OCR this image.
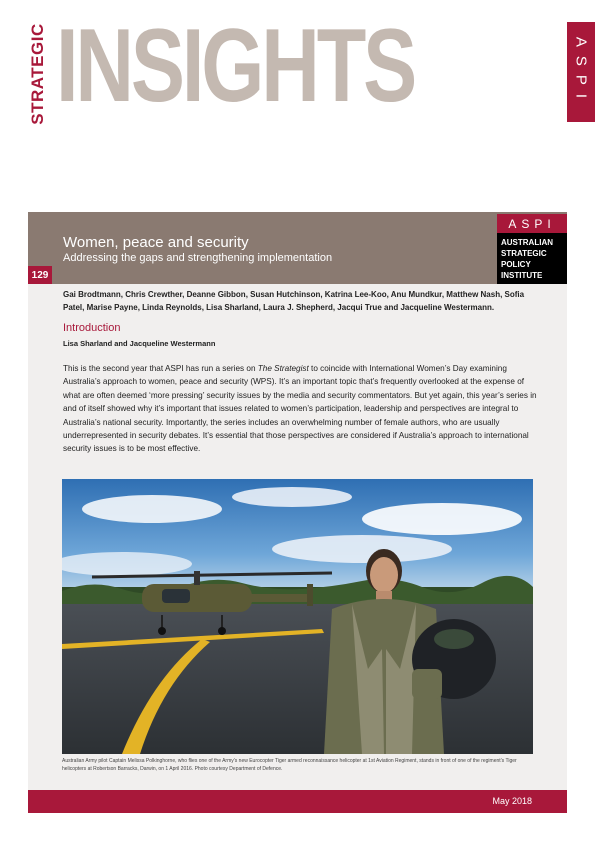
STRATEGIC INSIGHTS	ASPI
Women, peace and security
Addressing the gaps and strengthening implementation
129
ASPI
AUSTRALIAN
STRATEGIC
POLICY
INSTITUTE
Gai Brodtmann, Chris Crewther, Deanne Gibbon, Susan Hutchinson, Katrina Lee-Koo, Anu Mundkur, Matthew Nash, Sofia Patel, Marise Payne, Linda Reynolds, Lisa Sharland, Laura J. Shepherd, Jacqui True and Jacqueline Westermann.
Introduction
Lisa Sharland and Jacqueline Westermann
This is the second year that ASPI has run a series on The Strategist to coincide with International Women’s Day examining Australia’s approach to women, peace and security (WPS). It’s an important topic that’s frequently overlooked at the expense of what are often deemed ‘more pressing’ security issues by the media and security commentators. But yet again, this year’s series in and of itself showed why it’s important that issues related to women’s participation, leadership and perspectives are integral to Australia’s national security. Importantly, the series includes an overwhelming number of female authors, who are usually underrepresented in security debates. It’s essential that those perspectives are considered if Australia’s approach to international security issues is to be most effective.
Australian Army pilot Captain Melissa Polkinghorne, who flies one of the Army’s new Eurocopter Tiger armed reconnaissance helicopter at 1st Aviation Regiment, stands in front of one of the regiment’s Tiger helicopters at Robertson Barracks, Darwin, on 1 April 2016. Photo courtesy Department of Defence.
May 2018
